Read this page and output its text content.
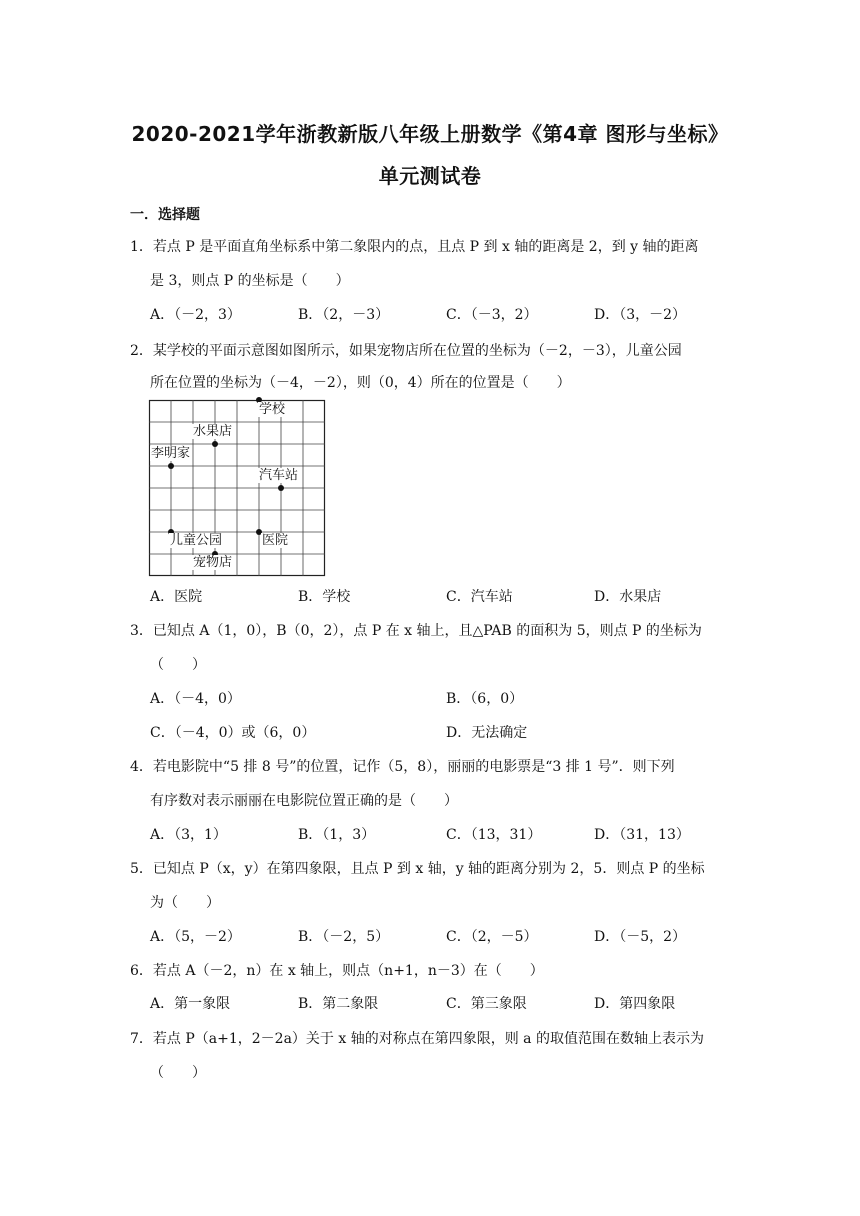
2020-2021学年浙教新版八年级上册数学《第4章 图形与坐标》
单元测试卷
一．选择题
1．若点 P 是平面直角坐标系中第二象限内的点，且点 P 到 x 轴的距离是 2，到 y 轴的距离
是 3，则点 P 的坐标是（　　）
A．（－2，3）	B．（2，－3）	C．（－3，2）	D．（3，－2）
2．某学校的平面示意图如图所示，如果宠物店所在位置的坐标为（－2，－3），儿童公园
所在位置的坐标为（－4，－2），则（0，4）所在的位置是（　　）
学校
水果店
李明家
汽车站
儿童公园	医院
宠物店
A．医院	B．学校	C．汽车站	D．水果店
3．已知点 A（1，0），B（0，2），点 P 在 x 轴上，且△PAB 的面积为 5，则点 P 的坐标为
（　　）
A．（－4，0）	B．（6，0）
C．（－4，0）或（6，0）	D．无法确定
4．若电影院中“5 排 8 号”的位置，记作（5，8），丽丽的电影票是“3 排 1 号”．则下列
有序数对表示丽丽在电影院位置正确的是（　　）
A．（3，1）	B．（1，3）	C．（13，31）	D．（31，13）
5．已知点 P（x，y）在第四象限，且点 P 到 x 轴，y 轴的距离分别为 2，5．则点 P 的坐标
为（　　）
A．（5，－2）	B．（－2，5）	C．（2，－5）	D．（－5，2）
6．若点 A（－2，n）在 x 轴上，则点（n+1，n－3）在（　　）
A．第一象限	B．第二象限	C．第三象限	D．第四象限
7．若点 P（a+1，2－2a）关于 x 轴的对称点在第四象限，则 a 的取值范围在数轴上表示为
（　　）
